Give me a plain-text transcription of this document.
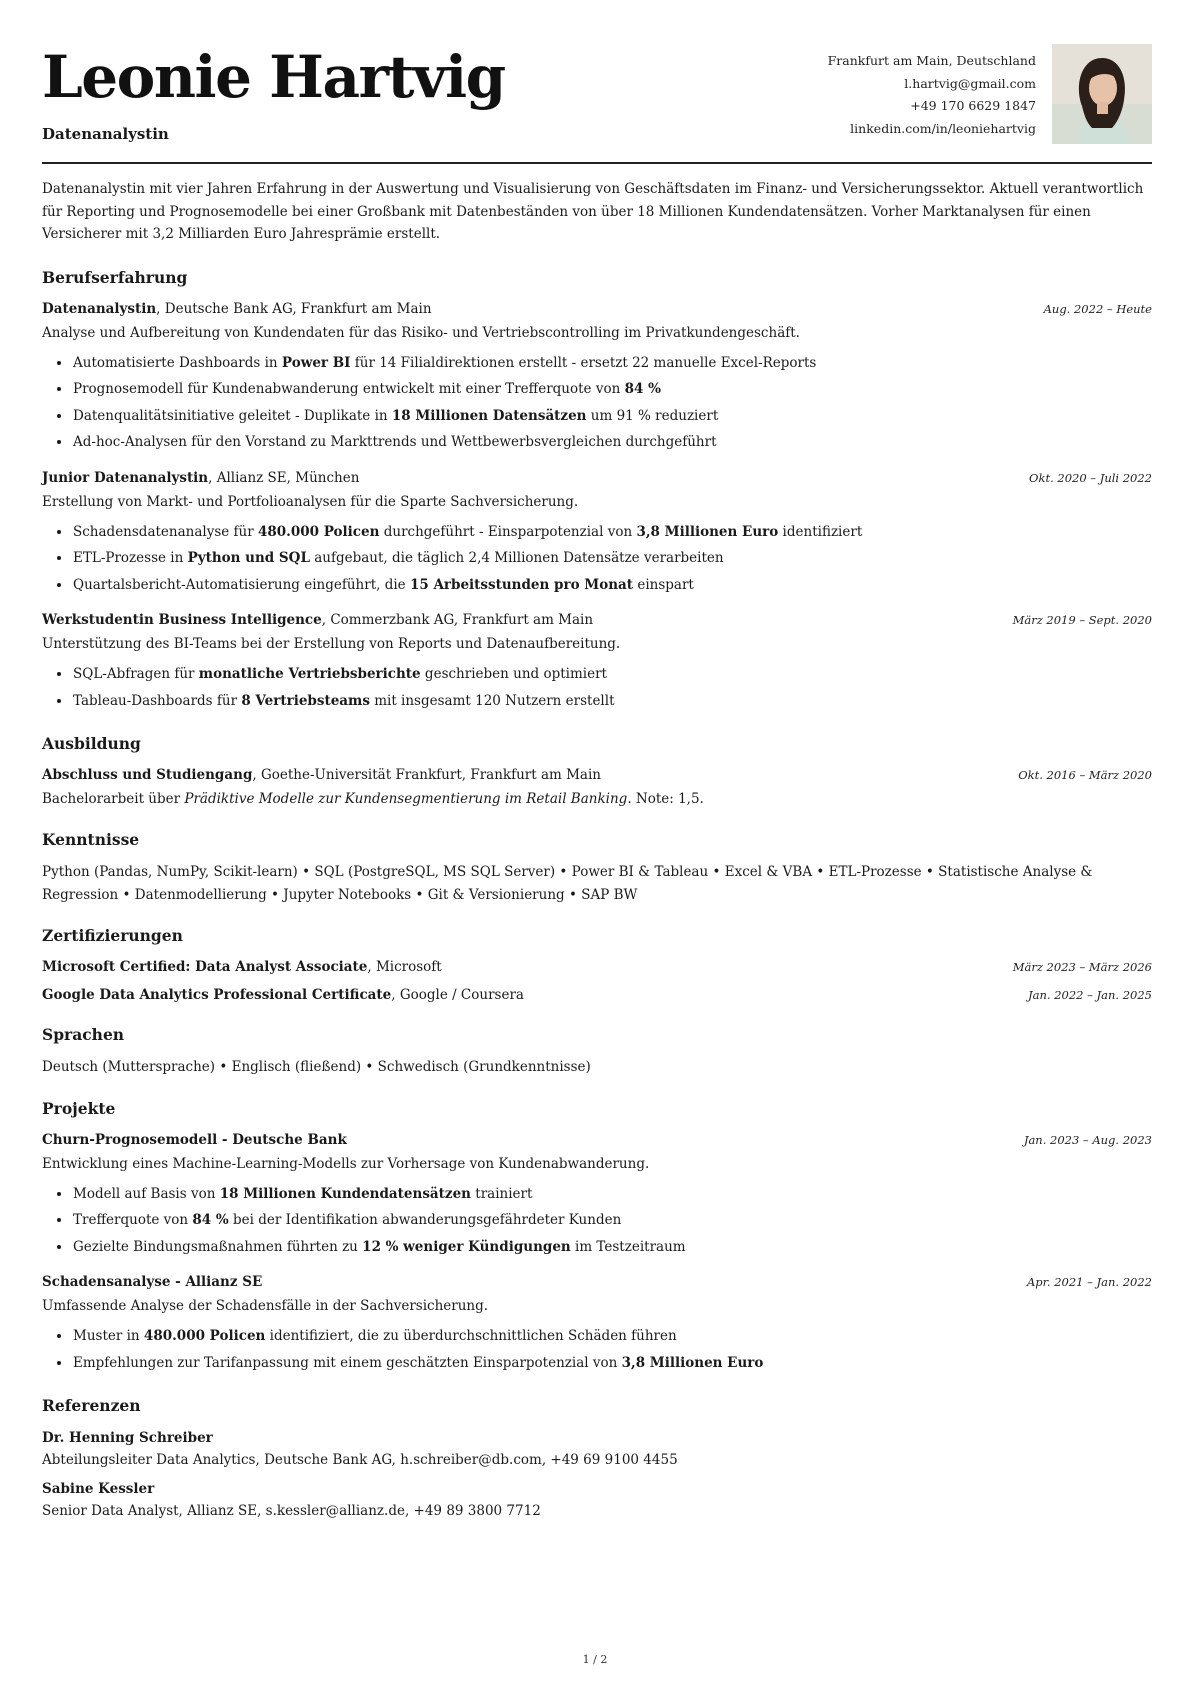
Leonie Hartvig
Datenanalystin
Frankfurt am Main, Deutschland
l.hartvig@gmail.com
+49 170 6629 1847
linkedin.com/in/leoniehartvig

Datenanalystin mit vier Jahren Erfahrung in der Auswertung und Visualisierung von Geschäftsdaten im Finanz- und Versicherungssektor. Aktuell verantwortlich für Reporting und Prognosemodelle bei einer Großbank mit Datenbeständen von über 18 Millionen Kundendatensätzen. Vorher Marktanalysen für einen Versicherer mit 3,2 Milliarden Euro Jahresprämie erstellt.

Berufserfahrung
Datenanalystin, Deutsche Bank AG, Frankfurt am Main	Aug. 2022 – Heute
Analyse und Aufbereitung von Kundendaten für das Risiko- und Vertriebscontrolling im Privatkundengeschäft.
• Automatisierte Dashboards in Power BI für 14 Filialdirektionen erstellt - ersetzt 22 manuelle Excel-Reports
• Prognosemodell für Kundenabwanderung entwickelt mit einer Trefferquote von 84 %
• Datenqualitätsinitiative geleitet - Duplikate in 18 Millionen Datensätzen um 91 % reduziert
• Ad-hoc-Analysen für den Vorstand zu Markttrends und Wettbewerbsvergleichen durchgeführt
Junior Datenanalystin, Allianz SE, München	Okt. 2020 – Juli 2022
Erstellung von Markt- und Portfolioanalysen für die Sparte Sachversicherung.
• Schadensdatenanalyse für 480.000 Policen durchgeführt - Einsparpotenzial von 3,8 Millionen Euro identifiziert
• ETL-Prozesse in Python und SQL aufgebaut, die täglich 2,4 Millionen Datensätze verarbeiten
• Quartalsbericht-Automatisierung eingeführt, die 15 Arbeitsstunden pro Monat einspart
Werkstudentin Business Intelligence, Commerzbank AG, Frankfurt am Main	März 2019 – Sept. 2020
Unterstützung des BI-Teams bei der Erstellung von Reports und Datenaufbereitung.
• SQL-Abfragen für monatliche Vertriebsberichte geschrieben und optimiert
• Tableau-Dashboards für 8 Vertriebsteams mit insgesamt 120 Nutzern erstellt
Ausbildung
Abschluss und Studiengang, Goethe-Universität Frankfurt, Frankfurt am Main	Okt. 2016 – März 2020
Bachelorarbeit über Prädiktive Modelle zur Kundensegmentierung im Retail Banking. Note: 1,5.
Kenntnisse
Python (Pandas, NumPy, Scikit-learn) • SQL (PostgreSQL, MS SQL Server) • Power BI & Tableau • Excel & VBA • ETL-Prozesse • Statistische Analyse & Regression • Datenmodellierung • Jupyter Notebooks • Git & Versionierung • SAP BW
Zertifizierungen
Microsoft Certified: Data Analyst Associate, Microsoft	März 2023 – März 2026
Google Data Analytics Professional Certificate, Google / Coursera	Jan. 2022 – Jan. 2025
Sprachen
Deutsch (Muttersprache) • Englisch (fließend) • Schwedisch (Grundkenntnisse)
Projekte
Churn-Prognosemodell - Deutsche Bank	Jan. 2023 – Aug. 2023
Entwicklung eines Machine-Learning-Modells zur Vorhersage von Kundenabwanderung.
• Modell auf Basis von 18 Millionen Kundendatensätzen trainiert
• Trefferquote von 84 % bei der Identifikation abwanderungsgefährdeter Kunden
• Gezielte Bindungsmaßnahmen führten zu 12 % weniger Kündigungen im Testzeitraum
Schadensanalyse - Allianz SE	Apr. 2021 – Jan. 2022
Umfassende Analyse der Schadensfälle in der Sachversicherung.
• Muster in 480.000 Policen identifiziert, die zu überdurchschnittlichen Schäden führen
• Empfehlungen zur Tarifanpassung mit einem geschätzten Einsparpotenzial von 3,8 Millionen Euro
Referenzen
Dr. Henning Schreiber
Abteilungsleiter Data Analytics, Deutsche Bank AG, h.schreiber@db.com, +49 69 9100 4455
Sabine Kessler
Senior Data Analyst, Allianz SE, s.kessler@allianz.de, +49 89 3800 7712
1 / 2
